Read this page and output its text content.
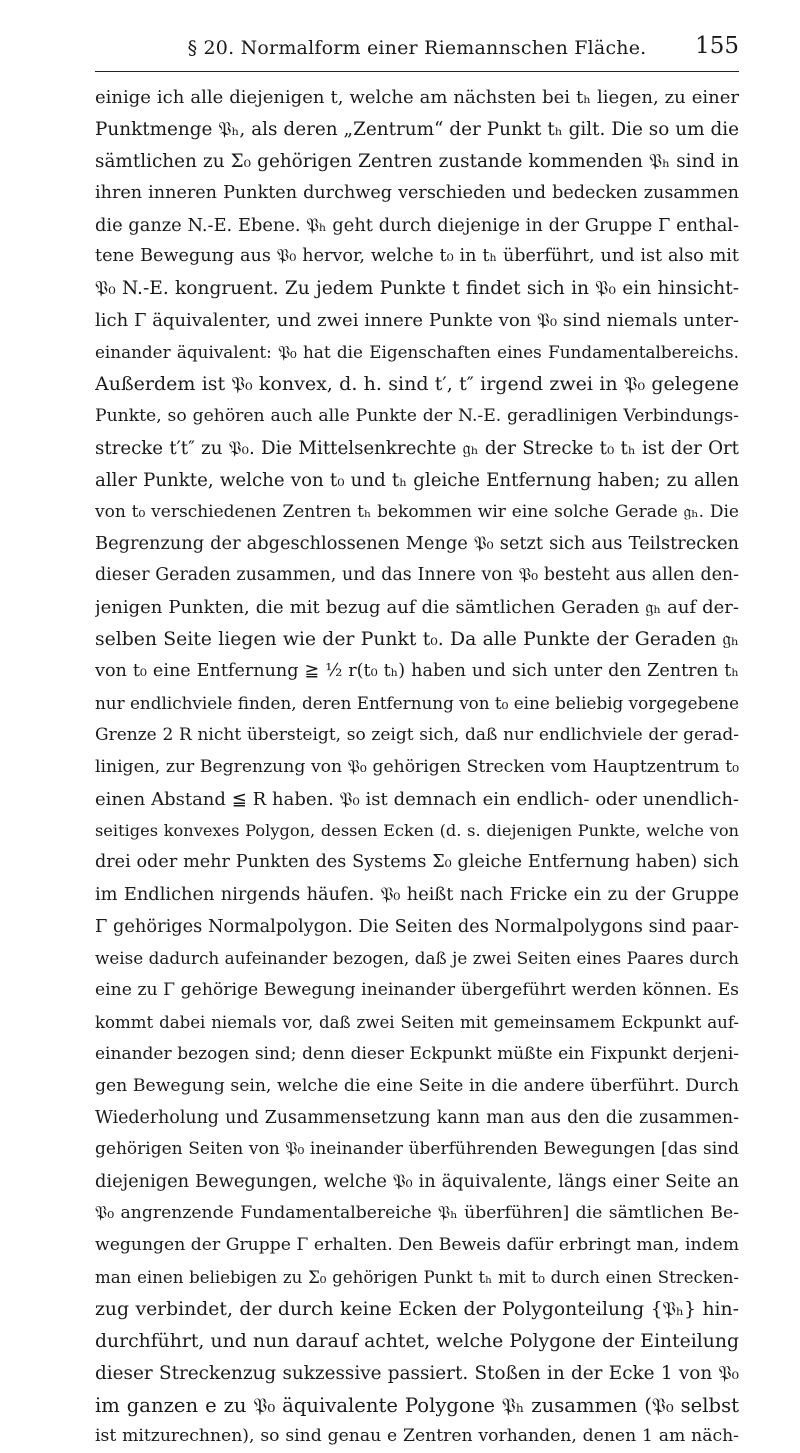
§ 20. Normalform einer Riemannschen Fläche.	155
einige ich alle diejenigen t, welche am nächsten bei tₕ liegen, zu einer
Punktmenge 𝔓ₕ, als deren „Zentrum“ der Punkt tₕ gilt. Die so um die
sämtlichen zu Σ₀ gehörigen Zentren zustande kommenden 𝔓ₕ sind in
ihren inneren Punkten durchweg verschieden und bedecken zusammen
die ganze N.-E. Ebene. 𝔓ₕ geht durch diejenige in der Gruppe Γ enthal-
tene Bewegung aus 𝔓₀ hervor, welche t₀ in tₕ überführt, und ist also mit
𝔓₀ N.-E. kongruent. Zu jedem Punkte t findet sich in 𝔓₀ ein hinsicht-
lich Γ äquivalenter, und zwei innere Punkte von 𝔓₀ sind niemals unter-
einander äquivalent: 𝔓₀ hat die Eigenschaften eines Fundamentalbereichs.
Außerdem ist 𝔓₀ konvex, d. h. sind t′, t″ irgend zwei in 𝔓₀ gelegene
Punkte, so gehören auch alle Punkte der N.-E. geradlinigen Verbindungs-
strecke t′t″ zu 𝔓₀. Die Mittelsenkrechte 𝔤ₕ der Strecke t₀ tₕ ist der Ort
aller Punkte, welche von t₀ und tₕ gleiche Entfernung haben; zu allen
von t₀ verschiedenen Zentren tₕ bekommen wir eine solche Gerade 𝔤ₕ. Die
Begrenzung der abgeschlossenen Menge 𝔓₀ setzt sich aus Teilstrecken
dieser Geraden zusammen, und das Innere von 𝔓₀ besteht aus allen den-
jenigen Punkten, die mit bezug auf die sämtlichen Geraden 𝔤ₕ auf der-
selben Seite liegen wie der Punkt t₀. Da alle Punkte der Geraden 𝔤ₕ
von t₀ eine Entfernung ≧ ½ r(t₀ tₕ) haben und sich unter den Zentren tₕ
nur endlichviele finden, deren Entfernung von t₀ eine beliebig vorgegebene
Grenze 2 R nicht übersteigt, so zeigt sich, daß nur endlichviele der gerad-
linigen, zur Begrenzung von 𝔓₀ gehörigen Strecken vom Hauptzentrum t₀
einen Abstand ≦ R haben. 𝔓₀ ist demnach ein endlich- oder unendlich-
seitiges konvexes Polygon, dessen Ecken (d. s. diejenigen Punkte, welche von
drei oder mehr Punkten des Systems Σ₀ gleiche Entfernung haben) sich
im Endlichen nirgends häufen. 𝔓₀ heißt nach Fricke ein zu der Gruppe
Γ gehöriges Normalpolygon. Die Seiten des Normalpolygons sind paar-
weise dadurch aufeinander bezogen, daß je zwei Seiten eines Paares durch
eine zu Γ gehörige Bewegung ineinander übergeführt werden können. Es
kommt dabei niemals vor, daß zwei Seiten mit gemeinsamem Eckpunkt auf-
einander bezogen sind; denn dieser Eckpunkt müßte ein Fixpunkt derjeni-
gen Bewegung sein, welche die eine Seite in die andere überführt. Durch
Wiederholung und Zusammensetzung kann man aus den die zusammen-
gehörigen Seiten von 𝔓₀ ineinander überführenden Bewegungen [das sind
diejenigen Bewegungen, welche 𝔓₀ in äquivalente, längs einer Seite an
𝔓₀ angrenzende Fundamentalbereiche 𝔓ₕ überführen] die sämtlichen Be-
wegungen der Gruppe Γ erhalten. Den Beweis dafür erbringt man, indem
man einen beliebigen zu Σ₀ gehörigen Punkt tₕ mit t₀ durch einen Strecken-
zug verbindet, der durch keine Ecken der Polygonteilung {𝔓ₕ} hin-
durchführt, und nun darauf achtet, welche Polygone der Einteilung
dieser Streckenzug sukzessive passiert. Stoßen in der Ecke 1 von 𝔓₀
im ganzen e zu 𝔓₀ äquivalente Polygone 𝔓ₕ zusammen (𝔓₀ selbst
ist mitzurechnen), so sind genau e Zentren vorhanden, denen 1 am näch-
